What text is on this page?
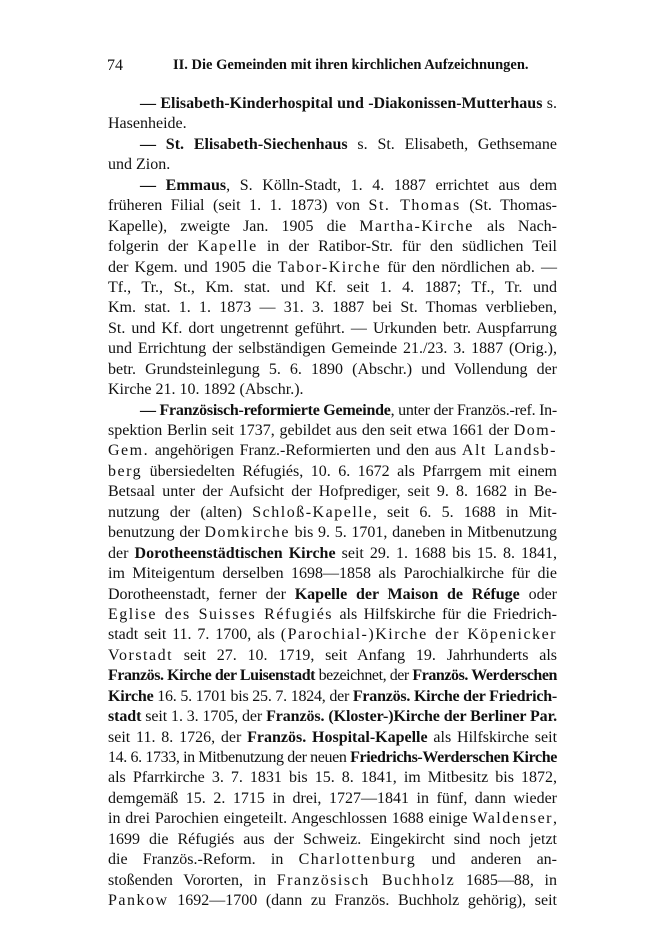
74	II. Die Gemeinden mit ihren kirchlichen Aufzeichnungen.
— Elisabeth-Kinderhospital und -Diakonissen-Mutterhaus s.
Hasenheide.
— St. Elisabeth-Siechenhaus s. St. Elisabeth, Gethsemane
und Zion.
— Emmaus, S. Kölln-Stadt, 1. 4. 1887 errichtet aus dem
früheren Filial (seit 1. 1. 1873) von St. Thomas (St. Thomas-
Kapelle), zweigte Jan. 1905 die Martha-Kirche als Nach-
folgerin der Kapelle in der Ratibor-Str. für den südlichen Teil
der Kgem. und 1905 die Tabor-Kirche für den nördlichen ab. —
Tf., Tr., St., Km. stat. und Kf. seit 1. 4. 1887; Tf., Tr. und
Km. stat. 1. 1. 1873 — 31. 3. 1887 bei St. Thomas verblieben,
St. und Kf. dort ungetrennt geführt. — Urkunden betr. Auspfarrung
und Errichtung der selbständigen Gemeinde 21./23. 3. 1887 (Orig.),
betr. Grundsteinlegung 5. 6. 1890 (Abschr.) und Vollendung der
Kirche 21. 10. 1892 (Abschr.).
— Französisch-reformierte Gemeinde, unter der Französ.-ref. In-
spektion Berlin seit 1737, gebildet aus den seit etwa 1661 der Dom-
Gem. angehörigen Franz.-Reformierten und den aus Alt Landsb-
berg übersiedelten Réfugiés, 10. 6. 1672 als Pfarrgem mit einem
Betsaal unter der Aufsicht der Hofprediger, seit 9. 8. 1682 in Be-
nutzung der (alten) Schloß-Kapelle, seit 6. 5. 1688 in Mit-
benutzung der Domkirche bis 9. 5. 1701, daneben in Mitbenutzung
der Dorotheenstädtischen Kirche seit 29. 1. 1688 bis 15. 8. 1841,
im Miteigentum derselben 1698—1858 als Parochialkirche für die
Dorotheenstadt, ferner der Kapelle der Maison de Réfuge oder
Eglise des Suisses Réfugiés als Hilfskirche für die Friedrich-
stadt seit 11. 7. 1700, als (Parochial-)Kirche der Köpenicker
Vorstadt seit 27. 10. 1719, seit Anfang 19. Jahrhunderts als
Französ. Kirche der Luisenstadt bezeichnet, der Französ. Werderschen
Kirche 16. 5. 1701 bis 25. 7. 1824, der Französ. Kirche der Friedrich-
stadt seit 1. 3. 1705, der Französ. (Kloster-)Kirche der Berliner Par.
seit 11. 8. 1726, der Französ. Hospital-Kapelle als Hilfskirche seit
14. 6. 1733, in Mitbenutzung der neuen Friedrichs-Werderschen Kirche
als Pfarrkirche 3. 7. 1831 bis 15. 8. 1841, im Mitbesitz bis 1872,
demgemäß 15. 2. 1715 in drei, 1727—1841 in fünf, dann wieder
in drei Parochien eingeteilt. Angeschlossen 1688 einige Waldenser,
1699 die Réfugiés aus der Schweiz. Eingekircht sind noch jetzt
die Französ.-Reform. in Charlottenburg und anderen an-
stoßenden Vororten, in Französisch Buchholz 1685—88, in
Pankow 1692—1700 (dann zu Französ. Buchholz gehörig), seit
